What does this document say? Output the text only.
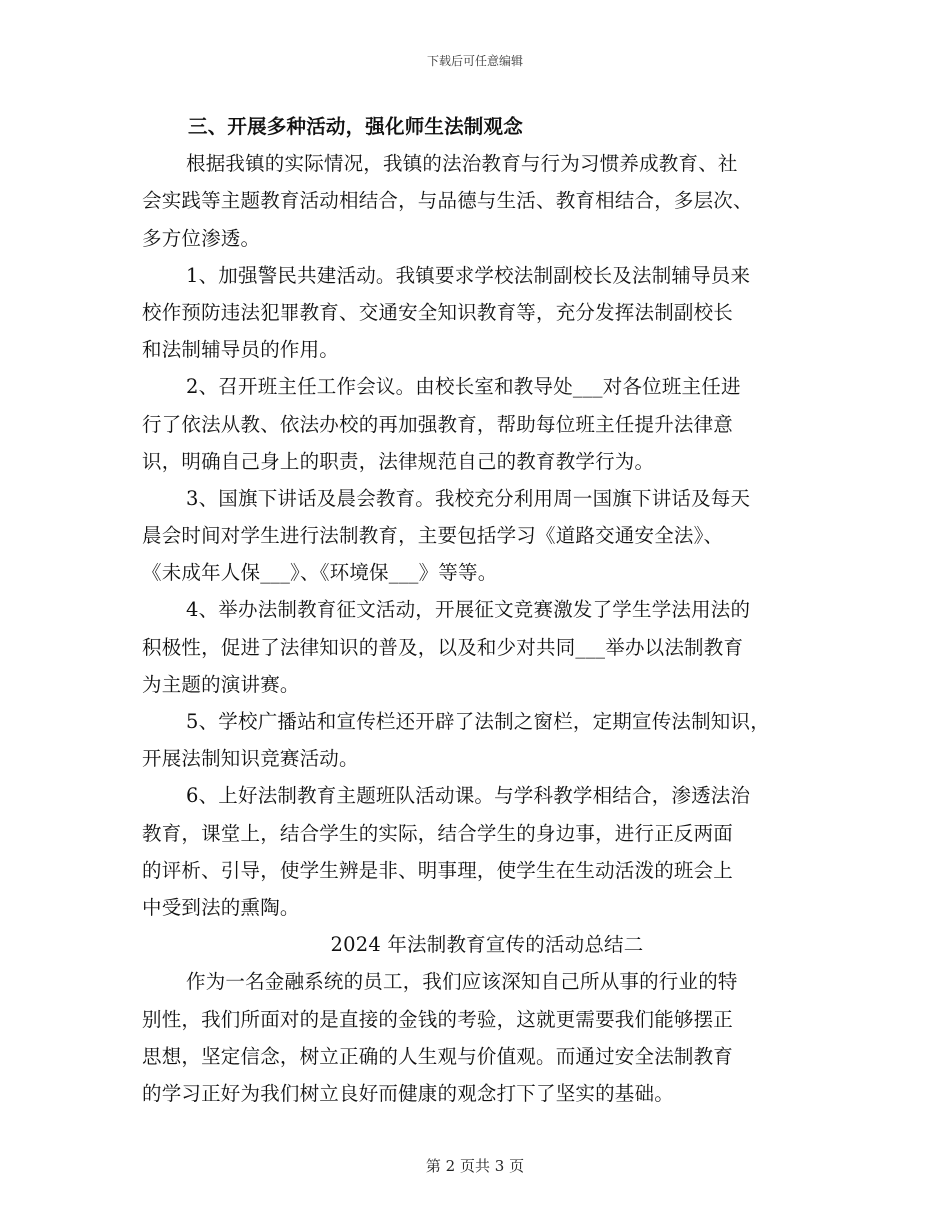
下载后可任意编辑
三、开展多种活动，强化师生法制观念
根据我镇的实际情况，我镇的法治教育与行为习惯养成教育、社
会实践等主题教育活动相结合，与品德与生活、教育相结合，多层次、
多方位渗透。
1、加强警民共建活动。我镇要求学校法制副校长及法制辅导员来
校作预防违法犯罪教育、交通安全知识教育等，充分发挥法制副校长
和法制辅导员的作用。
2、召开班主任工作会议。由校长室和教导处___对各位班主任进
行了依法从教、依法办校的再加强教育，帮助每位班主任提升法律意
识，明确自己身上的职责，法律规范自己的教育教学行为。
3、国旗下讲话及晨会教育。我校充分利用周一国旗下讲话及每天
晨会时间对学生进行法制教育，主要包括学习《道路交通安全法》、
《未成年人保___》、《环境保___》等等。
4、举办法制教育征文活动，开展征文竞赛激发了学生学法用法的
积极性，促进了法律知识的普及，以及和少对共同___举办以法制教育
为主题的演讲赛。
5、学校广播站和宣传栏还开辟了法制之窗栏，定期宣传法制知识，
开展法制知识竞赛活动。
6、上好法制教育主题班队活动课。与学科教学相结合，渗透法治
教育，课堂上，结合学生的实际，结合学生的身边事，进行正反两面
的评析、引导，使学生辨是非、明事理，使学生在生动活泼的班会上
中受到法的熏陶。
2024 年法制教育宣传的活动总结二
作为一名金融系统的员工，我们应该深知自己所从事的行业的特
别性，我们所面对的是直接的金钱的考验，这就更需要我们能够摆正
思想，坚定信念，树立正确的人生观与价值观。而通过安全法制教育
的学习正好为我们树立良好而健康的观念打下了坚实的基础。
第 2 页共 3 页
